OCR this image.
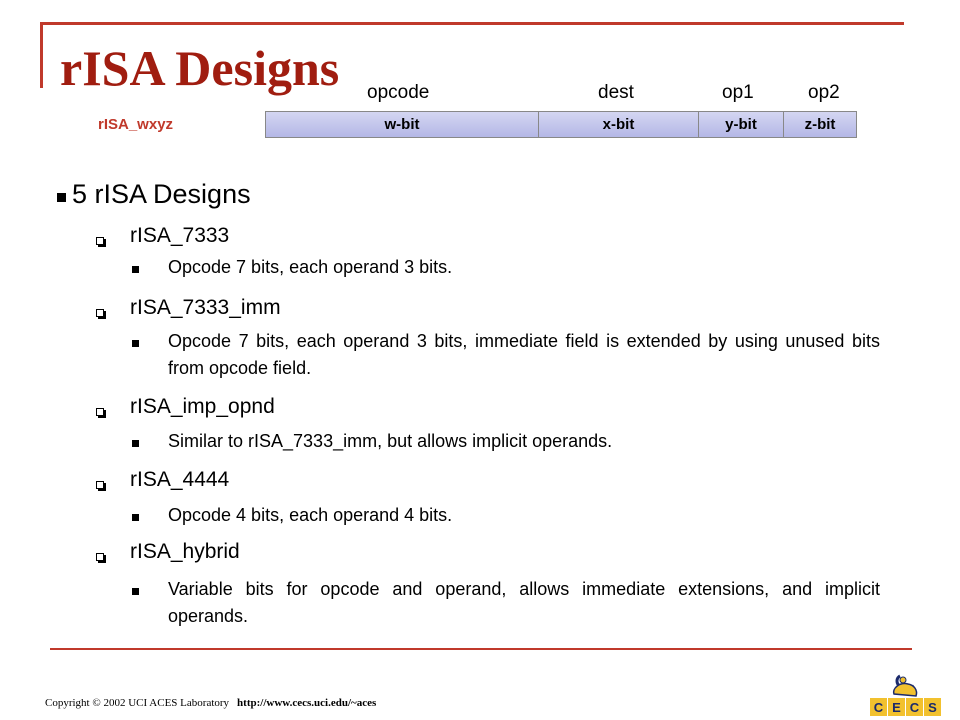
rISA Designs
rISA_wxyz
opcode	dest	op1	op2
w-bit	x-bit	y-bit	z-bit
5 rISA Designs
rISA_7333
Opcode 7 bits, each operand 3 bits.
rISA_7333_imm
Opcode 7 bits, each operand 3 bits, immediate field is extended by using unused bits from opcode field.
rISA_imp_opnd
Similar to rISA_7333_imm, but allows implicit operands.
rISA_4444
Opcode 4 bits, each operand 4 bits.
rISA_hybrid
Variable bits for opcode and operand, allows immediate extensions, and implicit operands.
Copyright © 2002 UCI ACES Laboratory http://www.cecs.uci.edu/~aces	C E C S
